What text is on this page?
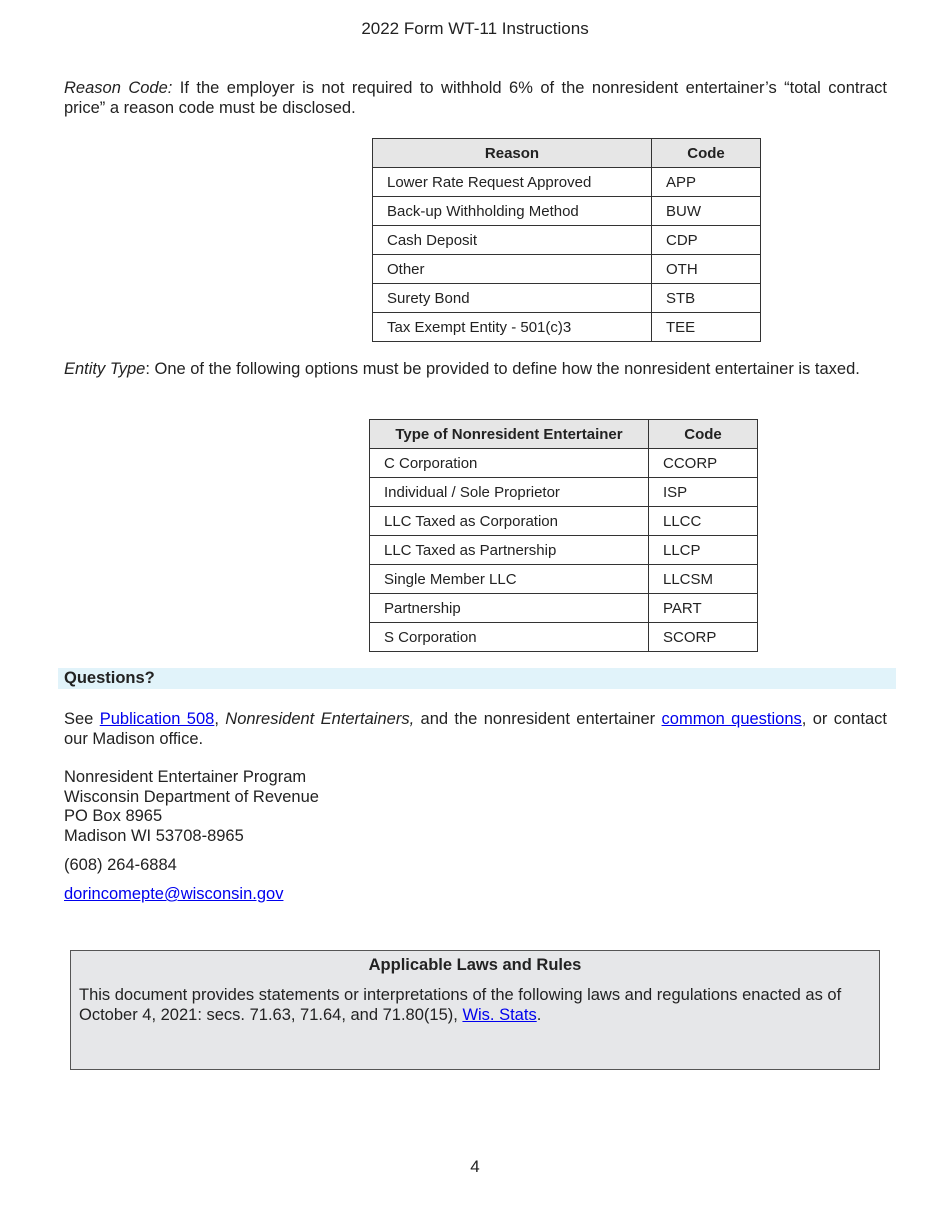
2022 Form WT-11 Instructions
Reason Code: If the employer is not required to withhold 6% of the nonresident entertainer’s “total contract price” a reason code must be disclosed.
Reason	Code
Lower Rate Request Approved	APP
Back-up Withholding Method	BUW
Cash Deposit	CDP
Other	OTH
Surety Bond	STB
Tax Exempt Entity - 501(c)3	TEE
Entity Type: One of the following options must be provided to define how the nonresident entertainer is taxed.
Type of Nonresident Entertainer	Code
C Corporation	CCORP
Individual / Sole Proprietor	ISP
LLC Taxed as Corporation	LLCC
LLC Taxed as Partnership	LLCP
Single Member LLC	LLCSM
Partnership	PART
S Corporation	SCORP
Questions?
See Publication 508, Nonresident Entertainers, and the nonresident entertainer common questions, or contact our Madison office.
Nonresident Entertainer Program
Wisconsin Department of Revenue
PO Box 8965
Madison WI 53708-8965
(608) 264-6884
dorincomepte@wisconsin.gov
Applicable Laws and Rules
This document provides statements or interpretations of the following laws and regulations enacted as of October 4, 2021: secs. 71.63, 71.64, and 71.80(15), Wis. Stats.
4
